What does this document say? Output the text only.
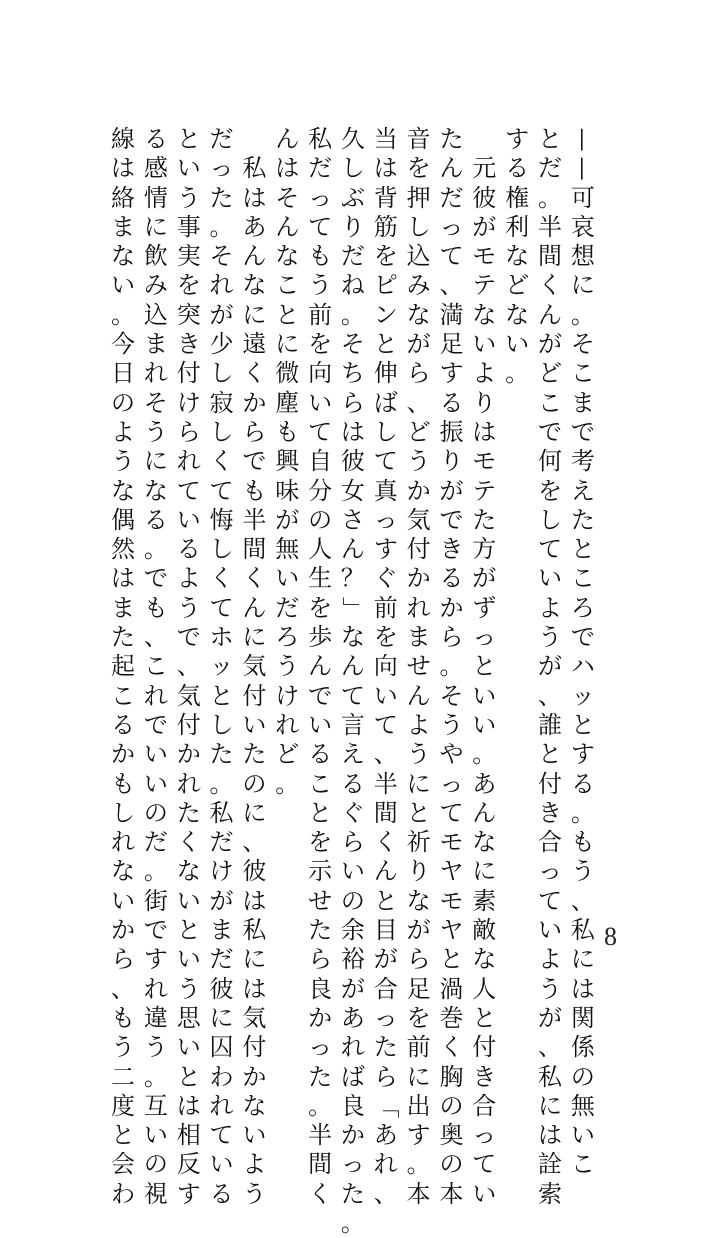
—
—
可
哀
想
に
。
そ
こ
ま
で
考
え
た
と
こ
ろ
で
ハ
ッ
と
す
る
。
も
う
、
私
に
は
関
係
の
無
い
こ
と
だ
。
半
間
く
ん
が
ど
こ
で
何
を
し
て
い
よ
う
が
、
誰
と
付
き
合
っ
て
い
よ
う
が
、
私
に
は
詮
索
す
る
権
利
な
ど
な
い
。

元
彼
が
モ
テ
な
い
よ
り
は
モ
テ
た
方
が
ず
っ
と
い
い
。
あ
ん
な
に
素
敵
な
人
と
付
き
合
っ
て
い
た
ん
だ
っ
て
、
満
足
す
る
振
り
が
で
き
る
か
ら
。
そ
う
や
っ
て
モ
ヤ
モ
ヤ
と
渦
巻
く
胸
の
奥
の
本
音
を
押
し
込
み
な
が
ら
、
ど
う
か
気
付
か
れ
ま
せ
ん
よ
う
に
と
祈
り
な
が
ら
足
を
前
に
出
す
。
本
当
は
背
筋
を
ピ
ン
と
伸
ば
し
て
真
っ
す
ぐ
前
を
向
い
て
、
半
間
く
ん
と
目
が
合
っ
た
ら
「
あ
れ
、
久
し
ぶ
り
だ
ね
。
そ
ち
ら
は
彼
女
さ
ん
？
」
な
ん
て
言
え
る
ぐ
ら
い
の
余
裕
が
あ
れ
ば
良
か
っ
た
。
私
だ
っ
て
も
う
前
を
向
い
て
自
分
の
人
生
を
歩
ん
で
い
る
こ
と
を
示
せ
た
ら
良
か
っ
た
。
半
間
く
ん
は
そ
ん
な
こ
と
に
微
塵
も
興
味
が
無
い
だ
ろ
う
け
れ
ど
。

私
は
あ
ん
な
に
遠
く
か
ら
で
も
半
間
く
ん
に
気
付
い
た
の
に
、
彼
は
私
に
は
気
付
か
な
い
よ
う
だ
っ
た
。
そ
れ
が
少
し
寂
し
く
て
悔
し
く
て
ホ
ッ
と
し
た
。
私
だ
け
が
ま
だ
彼
に
囚
わ
れ
て
い
る
と
い
う
事
実
を
突
き
付
け
ら
れ
て
い
る
よ
う
で
、
気
付
か
れ
た
く
な
い
と
い
う
思
い
と
は
相
反
す
る
感
情
に
飲
み
込
ま
れ
そ
う
に
な
る
。
で
も
、
こ
れ
で
い
い
の
だ
。
街
で
す
れ
違
う
。
互
い
の
視
線
は
絡
ま
な
い
。
今
日
の
よ
う
な
偶
然
は
ま
た
起
こ
る
か
も
し
れ
な
い
か
ら
、
も
う
二
度
と
会
わ
8
